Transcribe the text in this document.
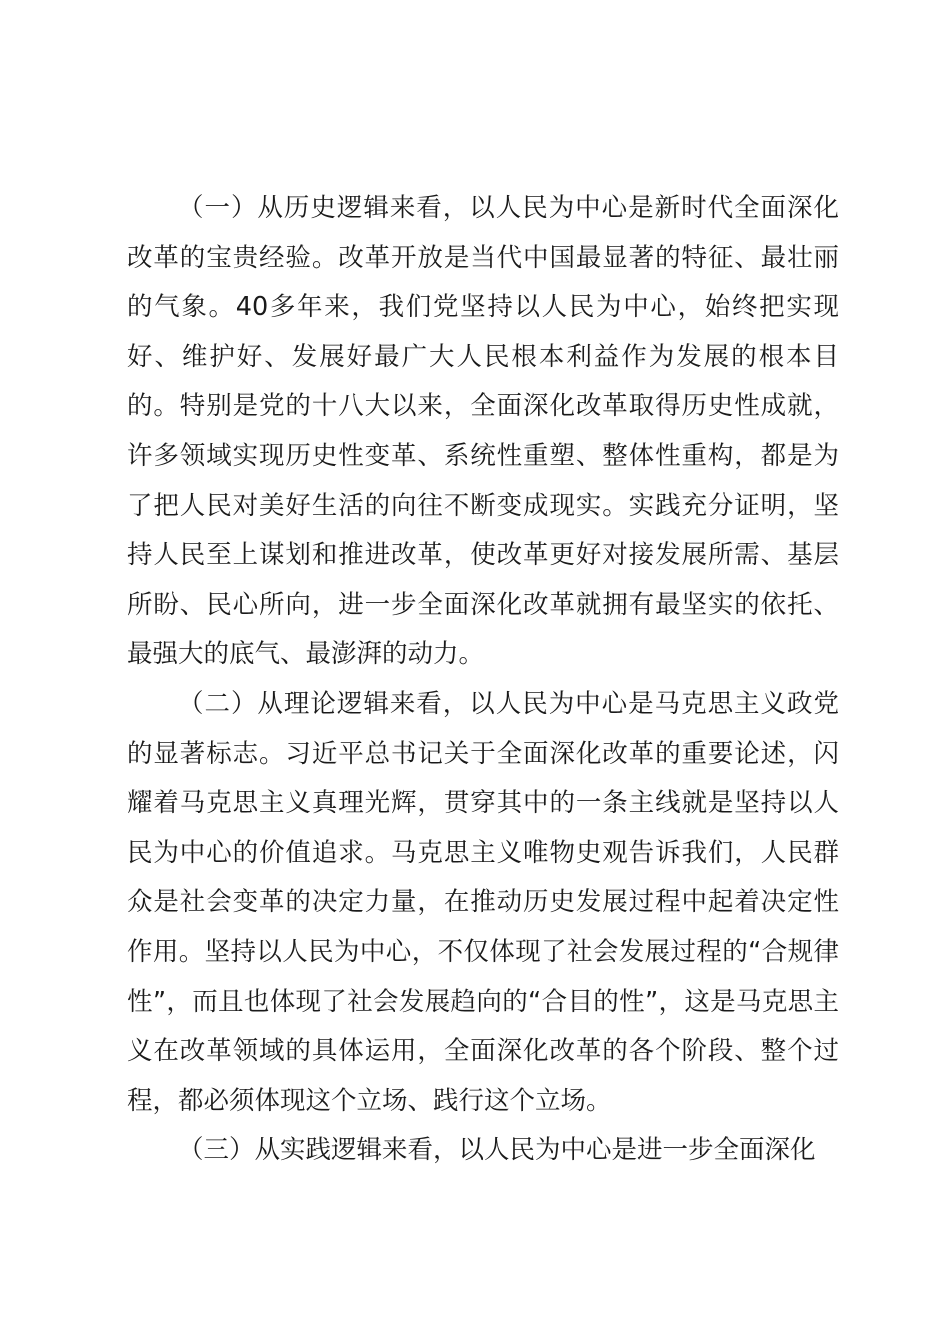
（一）从历史逻辑来看，以人民为中心是新时代全面深化改革的宝贵经验。改革开放是当代中国最显著的特征、最壮丽的气象。40多年来，我们党坚持以人民为中心，始终把实现好、维护好、发展好最广大人民根本利益作为发展的根本目的。特别是党的十八大以来，全面深化改革取得历史性成就，许多领域实现历史性变革、系统性重塑、整体性重构，都是为了把人民对美好生活的向往不断变成现实。实践充分证明，坚持人民至上谋划和推进改革，使改革更好对接发展所需、基层所盼、民心所向，进一步全面深化改革就拥有最坚实的依托、最强大的底气、最澎湃的动力。

（二）从理论逻辑来看，以人民为中心是马克思主义政党的显著标志。习近平总书记关于全面深化改革的重要论述，闪耀着马克思主义真理光辉，贯穿其中的一条主线就是坚持以人民为中心的价值追求。马克思主义唯物史观告诉我们，人民群众是社会变革的决定力量，在推动历史发展过程中起着决定性作用。坚持以人民为中心，不仅体现了社会发展过程的“合规律性”，而且也体现了社会发展趋向的“合目的性”，这是马克思主义在改革领域的具体运用，全面深化改革的各个阶段、整个过程，都必须体现这个立场、践行这个立场。

（三）从实践逻辑来看，以人民为中心是进一步全面深化
